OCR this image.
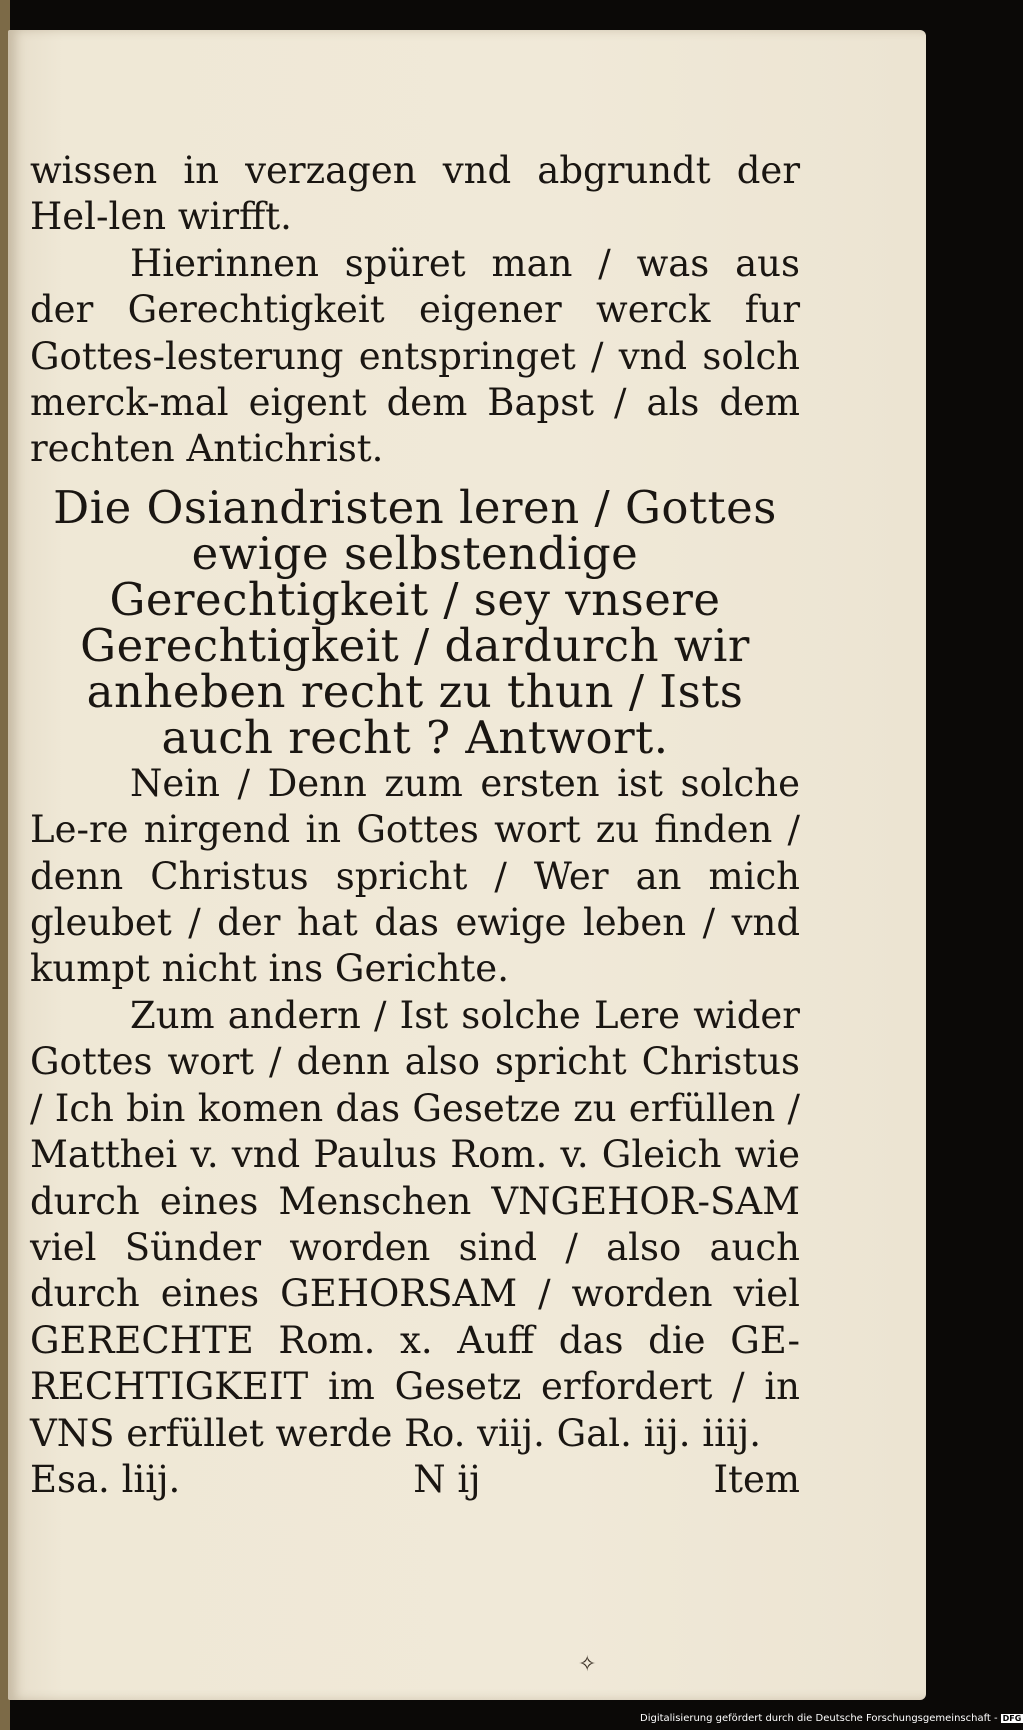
wissen in verzagen vnd abgrundt der Hel-len wirfft.

Hierinnen spüret man / was aus der Gerechtigkeit eigener werck fur Gottes-lesterung entspringet / vnd solch merck-mal eigent dem Bapst / als dem rechten Antichrist.

Die Osiandristen leren / Gottes ewige selbstendige Gerechtigkeit / sey vnsere Gerechtigkeit / dardurch wir anheben recht zu thun / Ists auch recht ? Antwort.

Nein / Denn zum ersten ist solche Le-re nirgend in Gottes wort zu finden / denn Christus spricht / Wer an mich gleubet / der hat das ewige leben / vnd kumpt nicht ins Gerichte.

Zum andern / Ist solche Lere wider Gottes wort / denn also spricht Christus / Ich bin komen das Gesetze zu erfüllen / Matthei v. vnd Paulus Rom. v. Gleich wie durch eines Menschen VNGEHOR-SAM viel Sünder worden sind / also auch durch eines GEHORSAM / worden viel GERECHTE Rom. x. Auff das die GE-RECHTIGKEIT im Gesetz erfordert / in VNS erfüllet werde Ro. viij. Gal. iij. iiij.

Esa. liij.	N ij	Item
✧
Digitalisierung gefördert durch die Deutsche Forschungsgemeinschaft - DFG
